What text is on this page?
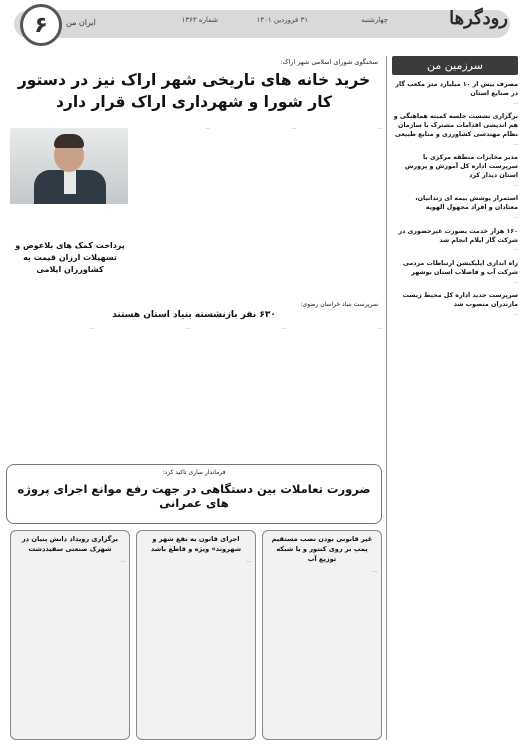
رودگرها
چهارشنبه
۳۱ فروردین ۱۴۰۱
شماره ۱۳۶۳
ایران من
۶
سرزمین من
مصرف بیش از ۱۰ میلیارد متر مکعب گاز در صنایع استان
...
برگزاری نشست جلسه کمیته هماهنگی و هم اندیشی اقدامات مشترک با سازمان نظام مهندسی کشاورزی و منابع طبیعی
...
مدیر مخابرات منطقه مرکزی با سرپرست اداره کل آموزش و پرورش استان دیدار کرد
...
استمرار پوشش بیمه ای زندانیان، معتادان و افراد مجهول الهویه
...
۱۶۰ هزار خدمت بصورت غیرحضوری در شرکت گاز ایلام انجام شد
...
راه اندازی اپلیکیشن ارتباطات مردمی شرکت آب و فاضلاب استان بوشهر
...
سرپرست جدید اداره کل محیط زیست مازندران منصوب شد
...
سخنگوی شورای اسلامی شهر اراک:
خرید خانه های تاریخی شهر اراک نیز در دستور کار شورا و شهرداری اراک قرار دارد
...
...
...
پرداخت کمک های بلاعوض و تسهیلات ارزان قیمت به کشاورزان ایلامی
سرپرست بنیاد خراسان رضوی:
۶۳۰ نفر بازنشسته بنیاد استان هستند
...
...
...
...
فرماندار ساری تاکید کرد:
ضرورت تعاملات بین دستگاهی در جهت رفع موانع اجرای پروژه های عمرانی
غیر قانونی بودن نصب مستقیم پمپ بر روی کنتور و یا شبکه توزیع آب
...
اجرای قانون به نفع شهر و شهروند» ویژه و قاطع باشد
...
برگزاری رویداد دانش بنیان در شهرک صنعتی سفیددشت
...
